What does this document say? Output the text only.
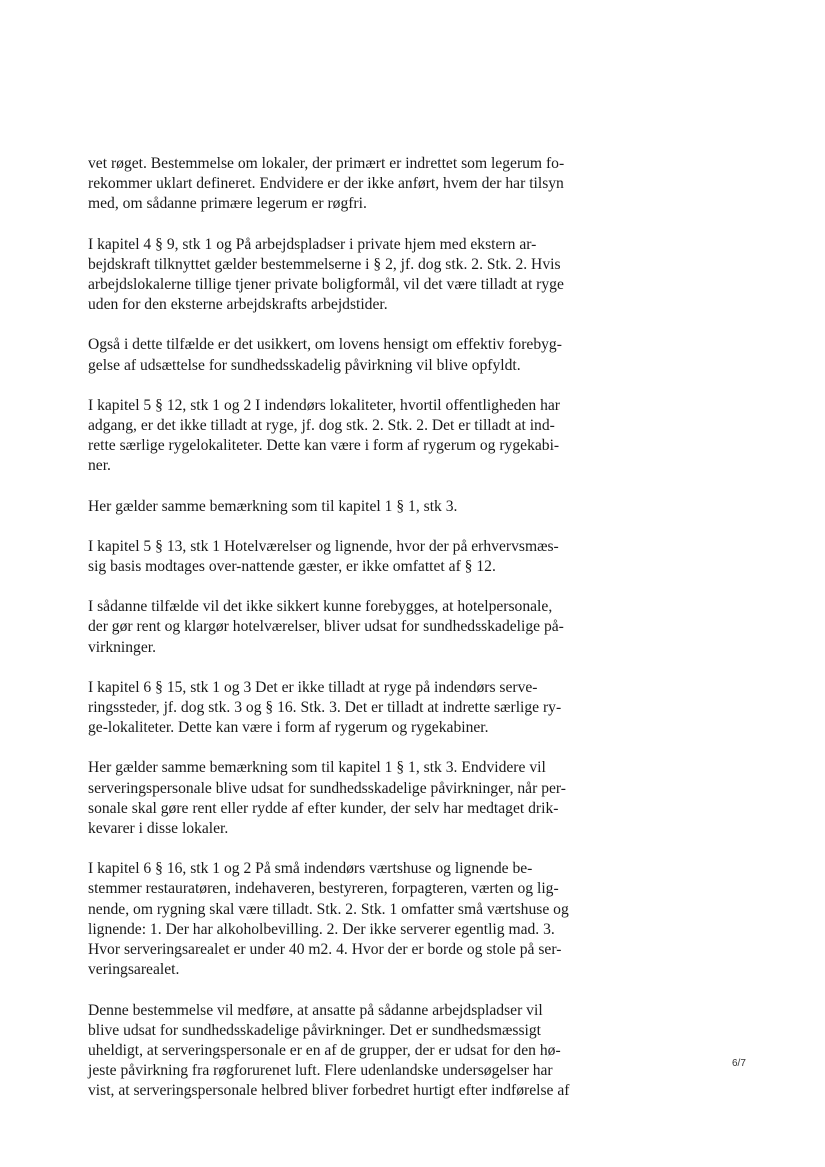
vet røget. Bestemmelse om lokaler, der primært er indrettet som legerum fo-
rekommer uklart defineret. Endvidere er der ikke anført, hvem der har tilsyn
med, om sådanne primære legerum er røgfri.

I kapitel 4 § 9, stk 1 og På arbejdspladser i private hjem med ekstern ar-
bejdskraft tilknyttet gælder bestemmelserne i § 2, jf. dog stk. 2. Stk. 2. Hvis
arbejdslokalerne tillige tjener private boligformål, vil det være tilladt at ryge
uden for den eksterne arbejdskrafts arbejdstider.

Også i dette tilfælde er det usikkert, om lovens hensigt om effektiv forebyg-
gelse af udsættelse for sundhedsskadelig påvirkning vil blive opfyldt.

I kapitel 5 § 12, stk 1 og 2 I indendørs lokaliteter, hvortil offentligheden har
adgang, er det ikke tilladt at ryge, jf. dog stk. 2. Stk. 2. Det er tilladt at ind-
rette særlige rygelokaliteter. Dette kan være i form af rygerum og rygekabi-
ner.

Her gælder samme bemærkning som til kapitel 1 § 1, stk 3.

I kapitel 5 § 13, stk 1 Hotelværelser og lignende, hvor der på erhvervsmæs-
sig basis modtages over-nattende gæster, er ikke omfattet af § 12.

I sådanne tilfælde vil det ikke sikkert kunne forebygges, at hotelpersonale,
der gør rent og klargør hotelværelser, bliver udsat for sundhedsskadelige på-
virkninger.

I kapitel 6 § 15, stk 1 og 3 Det er ikke tilladt at ryge på indendørs serve-
ringssteder, jf. dog stk. 3 og § 16. Stk. 3. Det er tilladt at indrette særlige ry-
ge-lokaliteter. Dette kan være i form af rygerum og rygekabiner.

Her gælder samme bemærkning som til kapitel 1 § 1, stk 3. Endvidere vil
serveringspersonale blive udsat for sundhedsskadelige påvirkninger, når per-
sonale skal gøre rent eller rydde af efter kunder, der selv har medtaget drik-
kevarer i disse lokaler.

I kapitel 6 § 16, stk 1 og 2 På små indendørs værtshuse og lignende be-
stemmer restauratøren, indehaveren, bestyreren, forpagteren, værten og lig-
nende, om rygning skal være tilladt. Stk. 2. Stk. 1 omfatter små værtshuse og
lignende: 1. Der har alkoholbevilling. 2. Der ikke serverer egentlig mad. 3.
Hvor serveringsarealet er under 40 m2. 4. Hvor der er borde og stole på ser-
veringsarealet.

Denne bestemmelse vil medføre, at ansatte på sådanne arbejdspladser vil
blive udsat for sundhedsskadelige påvirkninger. Det er sundhedsmæssigt
uheldigt, at serveringspersonale er en af de grupper, der er udsat for den hø-
jeste påvirkning fra røgforurenet luft. Flere udenlandske undersøgelser har
vist, at serveringspersonale helbred bliver forbedret hurtigt efter indførelse af

6/7
